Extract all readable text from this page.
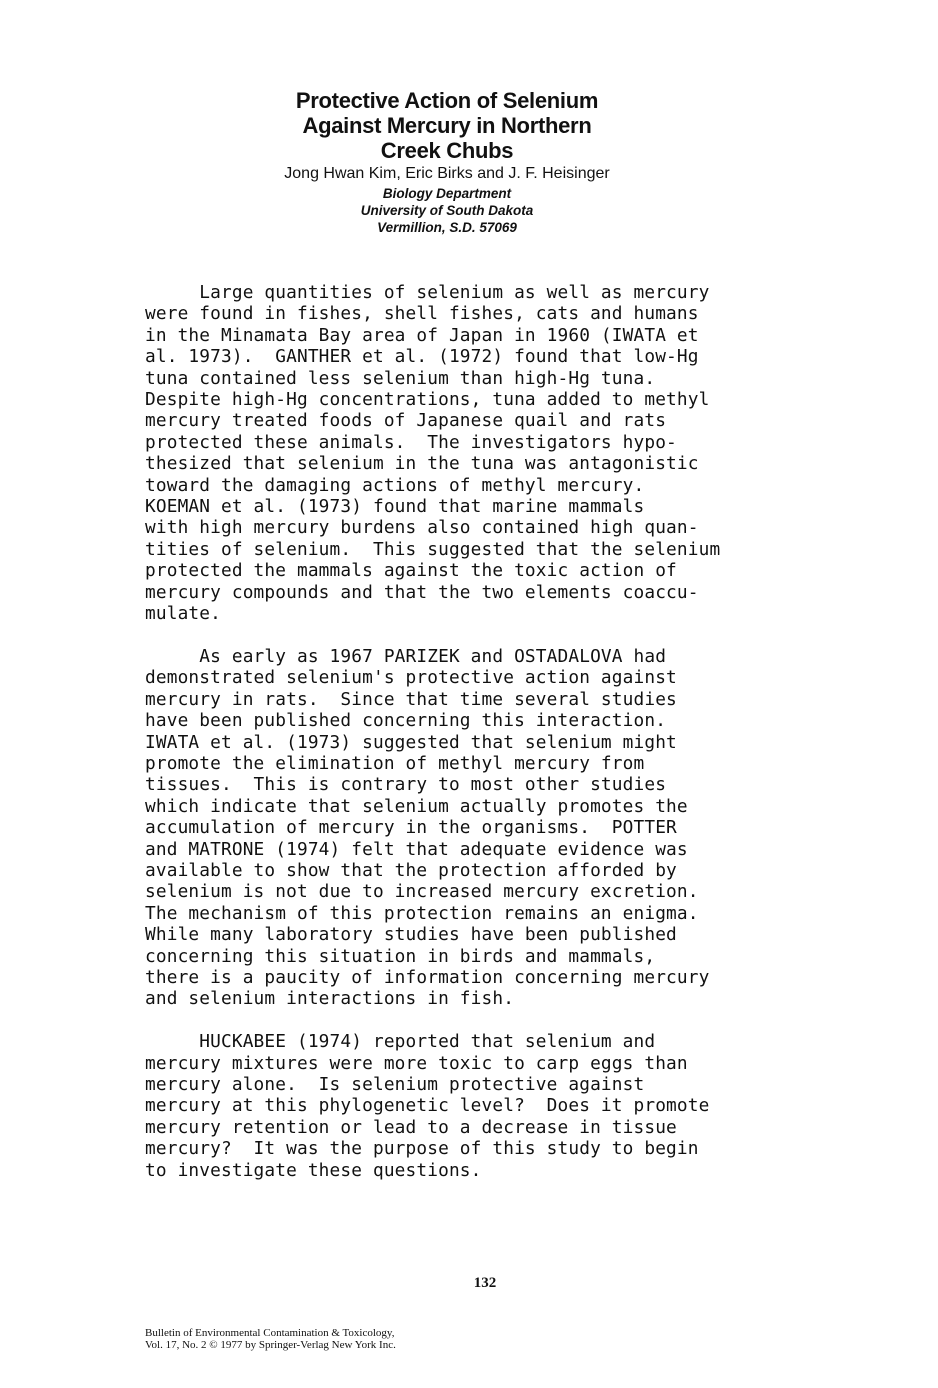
Protective Action of Selenium
Against Mercury in Northern
Creek Chubs
Jong Hwan Kim, Eric Birks and J. F. Heisinger
Biology Department
University of South Dakota
Vermillion, S.D. 57069
Large quantities of selenium as well as mercury
were found in fishes, shell fishes, cats and humans
in the Minamata Bay area of Japan in 1960 (IWATA et
al. 1973).  GANTHER et al. (1972) found that low-Hg
tuna contained less selenium than high-Hg tuna.
Despite high-Hg concentrations, tuna added to methyl
mercury treated foods of Japanese quail and rats
protected these animals.  The investigators hypo-
thesized that selenium in the tuna was antagonistic
toward the damaging actions of methyl mercury.
KOEMAN et al. (1973) found that marine mammals
with high mercury burdens also contained high quan-
tities of selenium.  This suggested that the selenium
protected the mammals against the toxic action of
mercury compounds and that the two elements coaccu-
mulate.
As early as 1967 PARIZEK and OSTADALOVA had
demonstrated selenium's protective action against
mercury in rats.  Since that time several studies
have been published concerning this interaction.
IWATA et al. (1973) suggested that selenium might
promote the elimination of methyl mercury from
tissues.  This is contrary to most other studies
which indicate that selenium actually promotes the
accumulation of mercury in the organisms.  POTTER
and MATRONE (1974) felt that adequate evidence was
available to show that the protection afforded by
selenium is not due to increased mercury excretion.
The mechanism of this protection remains an enigma.
While many laboratory studies have been published
concerning this situation in birds and mammals,
there is a paucity of information concerning mercury
and selenium interactions in fish.
HUCKABEE (1974) reported that selenium and
mercury mixtures were more toxic to carp eggs than
mercury alone.  Is selenium protective against
mercury at this phylogenetic level?  Does it promote
mercury retention or lead to a decrease in tissue
mercury?  It was the purpose of this study to begin
to investigate these questions.
132
Bulletin of Environmental Contamination & Toxicology,
Vol. 17, No. 2 © 1977 by Springer-Verlag New York Inc.
